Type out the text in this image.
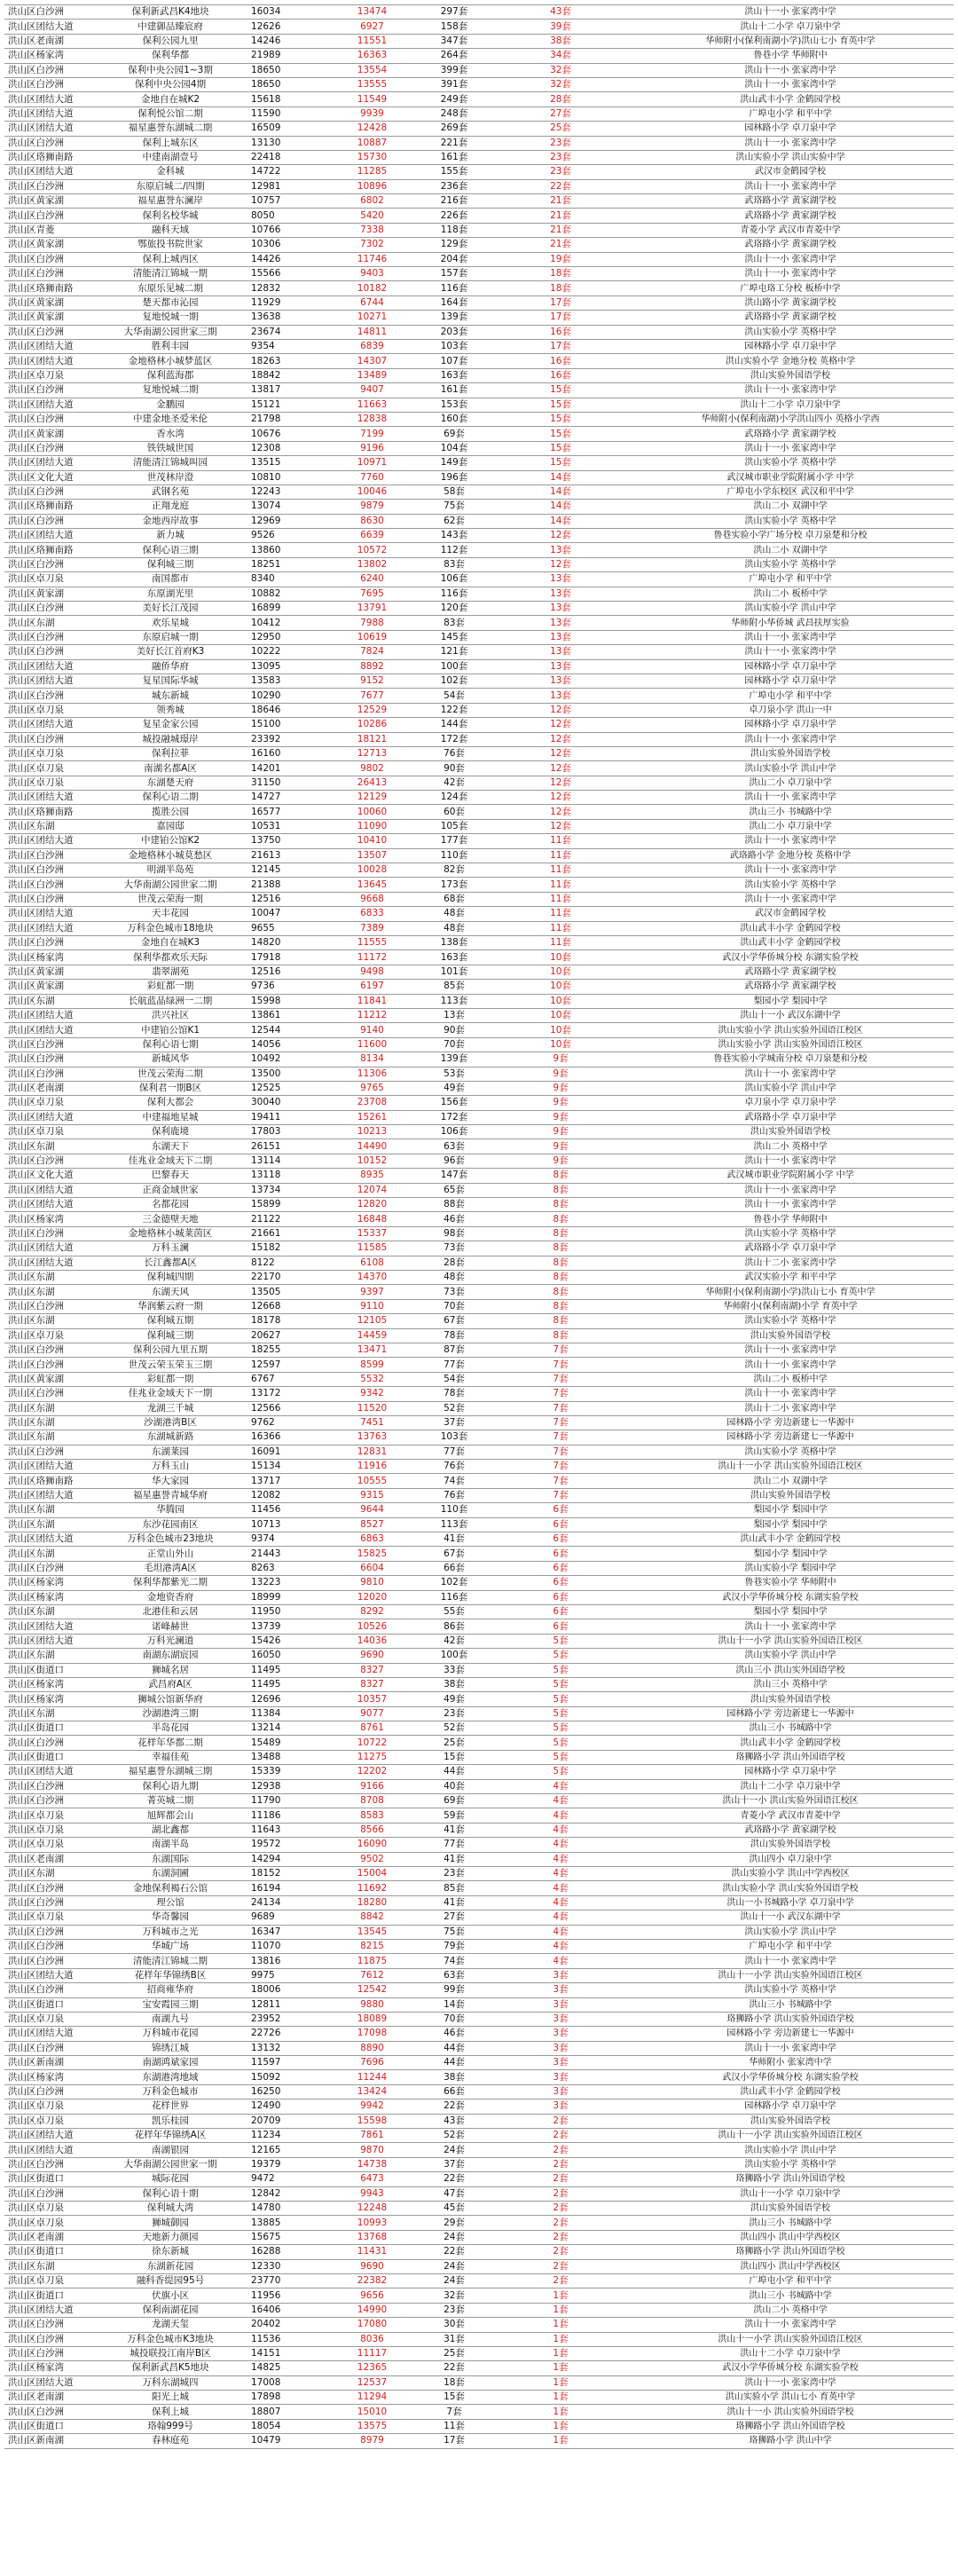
洪山区白沙洲	保利新武昌K4地块	16034	13474	297套	43套	洪山十一小 张家湾中学
洪山区团结大道	中建御品臻宸府	12626	6927	158套	39套	洪山十二小学 卓刀泉中学
洪山区老南湖	保利公园九里	14246	11551	347套	38套	华师附小(保利南湖小学)洪山七小 育英中学
洪山区杨家湾	保利华都	21989	16363	264套	34套	鲁巷小学 华师附中
洪山区白沙洲	保利中央公园1~3期	18650	13554	399套	32套	洪山十一小 张家湾中学
洪山区白沙洲	保利中央公园4期	18650	13555	391套	32套	洪山十一小 张家湾中学
洪山区团结大道	金地自在城K2	15618	11549	249套	28套	洪山武丰小学 金鹤园学校
洪山区团结大道	保利悦公馆二期	11590	9939	248套	27套	广埠屯小学 和平中学
洪山区团结大道	福星惠誉东湖城二期	16509	12428	269套	25套	园林路小学 卓刀泉中学
洪山区白沙洲	保利上城东区	13130	10887	221套	23套	洪山十一小 张家湾中学
洪山区珞狮南路	中建南湖壹号	22418	15730	161套	23套	洪山实验小学 洪山实验中学
洪山区团结大道	金科城	14722	11285	155套	23套	武汉市金鹤园学校
洪山区白沙洲	东原启城二/四期	12981	10896	236套	22套	洪山十一小 张家湾中学
洪山区黄家湖	福星惠誉东澜岸	10757	6802	216套	21套	武珞路小学 黄家湖学校
洪山区白沙洲	保利名校华城	8050	5420	226套	21套	武珞路小学 黄家湖学校
洪山区青菱	融科天域	10766	7338	118套	21套	青菱小学 武汉市青菱中学
洪山区黄家湖	鄂旅投书院世家	10306	7302	129套	21套	武珞路小学 黄家湖学校
洪山区白沙洲	保利上城西区	14426	11746	204套	19套	洪山十一小 张家湾中学
洪山区白沙洲	清能清江锦城一期	15566	9403	157套	18套	洪山十一小 张家湾中学
洪山区珞狮南路	东原乐见城二期	12832	10182	116套	18套	广埠屯珞工分校 板桥中学
洪山区黄家湖	楚天都市沁园	11929	6744	164套	17套	洪山路小学 黄家湖学校
洪山区黄家湖	复地悦城一期	13638	10271	139套	17套	武珞路小学 黄家湖学校
洪山区白沙洲	大华南湖公园世家三期	23674	14811	203套	16套	洪山实验小学 英格中学
洪山区团结大道	胜利丰园	9354	6839	103套	17套	园林路小学 卓刀泉中学
洪山区团结大道	金地格林小城梦蓝区	18263	14307	107套	16套	洪山实验小学 金地分校 英格中学
洪山区卓刀泉	保利蓝海郡	18842	13489	163套	16套	洪山实验外国语学校
洪山区白沙洲	复地悦城二期	13817	9407	161套	15套	洪山十一小 张家湾中学
洪山区团结大道	金鹏园	15121	11663	153套	15套	洪山十二小学 卓刀泉中学
洪山区白沙洲	中建金地圣爱米伦	21798	12838	160套	15套	华师附小(保利南湖)小学洪山四小 英格小学西
洪山区黄家湖	香水湾	10676	7199	69套	15套	武珞路小学 黄家湖学校
洪山区白沙洲	铁铁城世国	12308	9196	104套	15套	洪山十一小 张家湾中学
洪山区团结大道	清能清江锦城叫园	13515	10971	149套	15套	洪山实验小学 英格中学
洪山区文化大道	世茂林岸澄	10810	7760	196套	14套	武汉城市职业学院附属小学 中学
洪山区白沙洲	武钢名苑	12243	10046	58套	14套	广埠屯小学东校区 武汉和平中学
洪山区珞狮南路	正翔龙庭	13074	9879	75套	14套	洪山二小 双湖中学
洪山区白沙洲	金地西岸故事	12969	8630	62套	14套	洪山实验小学 英格中学
洪山区团结大道	新力城	9526	6639	143套	12套	鲁巷实验小学广场分校 卓刀泉楚和分校
洪山区珞狮南路	保利心语三期	13860	10572	112套	13套	洪山二小 双湖中学
洪山区白沙洲	保利城三期	18251	13802	83套	12套	洪山实验小学 英格中学
洪山区卓刀泉	南国都市	8340	6240	106套	13套	广埠屯小学 和平中学
洪山区黄家湖	东原湖光里	10882	7695	116套	13套	洪山二小 板桥中学
洪山区白沙洲	美好长江茂园	16899	13791	120套	13套	洪山实验小学 洪山中学
洪山区东湖	欢乐星城	10412	7988	83套	13套	华师附小华侨城 武昌扶厚实验
洪山区白沙洲	东原启城一期	12950	10619	145套	13套	洪山十一小 张家湾中学
洪山区白沙洲	美好长江首府K3	10222	7824	121套	13套	洪山十一小 张家湾中学
洪山区团结大道	融侨华府	13095	8892	100套	13套	园林路小学 卓刀泉中学
洪山区团结大道	复星国际华城	13583	9152	102套	13套	园林路小学 卓刀泉中学
洪山区白沙洲	城东新城	10290	7677	54套	13套	广埠屯小学 和平中学
洪山区卓刀泉	领秀城	18646	12529	122套	12套	卓刀泉小学 洪山一中
洪山区团结大道	复星金家公园	15100	10286	144套	12套	园林路小学 卓刀泉中学
洪山区白沙洲	城投融城璟岸	23392	18121	172套	12套	洪山十一小 张家湾中学
洪山区卓刀泉	保利拉菲	16160	12713	76套	12套	洪山实验外国语学校
洪山区卓刀泉	南湖名都A区	14201	9802	90套	12套	洪山实验小学 洪山中学
洪山区卓刀泉	东湖楚天府	31150	26413	42套	12套	洪山二小 卓刀泉中学
洪山区团结大道	保利心语二期	14727	12129	124套	12套	洪山十一小 张家湾中学
洪山区珞狮南路	揽胜公园	16577	10060	60套	12套	洪山三小 书城路中学
洪山区东湖	嘉园邸	10531	11090	105套	12套	洪山二小 卓刀泉中学
洪山区团结大道	中建铂公馆K2	13750	10410	177套	11套	洪山十一小 张家湾中学
洪山区白沙洲	金地格林小城莫愁区	21613	13507	110套	11套	武珞路小学 金地分校 英格中学
洪山区白沙洲	明湖半岛苑	12145	10028	82套	11套	洪山十一小 张家湾中学
洪山区白沙洲	大华南湖公园世家二期	21388	13645	173套	11套	洪山实验小学 英格中学
洪山区白沙洲	世茂云荣海一期	12516	9668	68套	11套	洪山十一小 张家湾中学
洪山区团结大道	天丰花园	10047	6833	48套	11套	武汉市金鹤园学校
洪山区团结大道	万科金色城市18地块	9655	7389	48套	11套	洪山武丰小学 金鹤园学校
洪山区白沙洲	金地自在城K3	14820	11555	138套	11套	洪山武丰小学 金鹤园学校
洪山区杨家湾	保利华都欢乐天际	17918	11172	163套	10套	武汉小学华侨城分校 东湖实验学校
洪山区黄家湖	翡翠湖苑	12516	9498	101套	10套	武珞路小学 黄家湖学校
洪山区黄家湖	彩虹都一期	9736	6197	85套	10套	武珞路小学 黄家湖学校
洪山区东湖	长航蓝晶绿洲一二期	15998	11841	113套	10套	梨园小学 梨园中学
洪山区团结大道	洪兴社区	13861	11212	13套	10套	洪山十一小 武汉东湖中学
洪山区团结大道	中建铂公馆K1	12544	9140	90套	10套	洪山实验小学 洪山实验外国语江校区
洪山区白沙洲	保利心语七期	14056	11600	70套	10套	洪山实验小学 洪山实验外国语江校区
洪山区白沙洲	新城风华	10492	8134	139套	9套	鲁巷实验小学城南分校 卓刀泉楚和分校
洪山区白沙洲	世茂云荣海二期	13500	11306	53套	9套	洪山十一小 张家湾中学
洪山区老南湖	保利君一期B区	12525	9765	49套	9套	洪山实验小学 洪山中学
洪山区卓刀泉	保利大都会	30040	23708	156套	9套	卓刀泉小学 卓刀泉中学
洪山区团结大道	中建福地星城	19411	15261	172套	9套	武珞路小学 卓刀泉中学
洪山区卓刀泉	保利鹿境	17803	10213	106套	9套	洪山实验外国语学校
洪山区东湖	东湖天下	26151	14490	63套	9套	洪山二小 英格中学
洪山区白沙洲	佳兆业金域天下二期	13114	10152	96套	9套	洪山十一小 张家湾中学
洪山区文化大道	巴黎春天	13118	8935	147套	8套	武汉城市职业学院附属小学 中学
洪山区团结大道	正商金域世家	13734	12074	65套	8套	洪山十一小 张家湾中学
洪山区团结大道	名都花园	15899	12820	88套	8套	洪山十一小 张家湾中学
洪山区杨家湾	三金德壁天地	21122	16848	46套	8套	鲁巷小学 华师附中
洪山区白沙洲	金地格林小城莱茵区	21661	15337	98套	8套	洪山实验小学 英格中学
洪山区团结大道	万科玉澜	15182	11585	73套	8套	武珞路小学 卓刀泉中学
洪山区团结大道	长江鑫都A区	8122	6108	28套	8套	洪山十二小 张家湾中学
洪山区东湖	保利城四期	22170	14370	48套	8套	武汉实验小学 和平中学
洪山区东湖	东湖天风	13505	9397	73套	8套	华师附小(保利南湖小学)洪山七小 育英中学
洪山区白沙洲	华润紫云府一期	12668	9110	70套	8套	华师附小(保利南湖)小学 育英中学
洪山区东湖	保利城五期	18178	12105	67套	8套	洪山实验小学 英格中学
洪山区卓刀泉	保利城三期	20627	14459	78套	8套	洪山实验外国语学校
洪山区白沙洲	保利公园九里五期	18255	13471	87套	7套	洪山十一小 张家湾中学
洪山区白沙洲	世茂云荣玉荣玉三期	12597	8599	77套	7套	洪山十一小 张家湾中学
洪山区黄家湖	彩虹都一期	6767	5532	54套	7套	洪山二小 板桥中学
洪山区白沙洲	佳兆业金域天下一期	13172	9342	78套	7套	洪山十一小 张家湾中学
洪山区东湖	龙湖三千城	12566	11520	52套	7套	洪山十二小 张家湾中学
洪山区东湖	沙湖港湾B区	9762	7451	37套	7套	园林路小学 旁边新建七一华源中
洪山区东湖	东湖城新路	16366	13763	103套	7套	园林路小学 旁边新建七一华源中
洪山区白沙洲	东湖莱园	16091	12831	77套	7套	洪山实验小学 英格中学
洪山区团结大道	万科玉山	15134	11916	76套	7套	洪山十一小学 洪山实验外国语江校区
洪山区珞狮南路	华大家园	13717	10555	74套	7套	洪山二小 双湖中学
洪山区团结大道	福星惠誉青城华府	12082	9315	76套	7套	洪山实验外国语学校
洪山区东湖	华腾园	11456	9644	110套	6套	梨园小学 梨园中学
洪山区东湖	东沙花园南区	10713	8527	113套	6套	梨园小学 梨园中学
洪山区团结大道	万科金色城市23地块	9374	6863	41套	6套	洪山武丰小学 金鹤园学校
洪山区东湖	正堂山外山	21443	15825	67套	6套	梨园小学 梨园中学
洪山区白沙洲	毛坦港湾A区	8263	6604	66套	6套	洪山实验小学 梨园中学
洪山区杨家湾	保利华都紫光二期	13223	9810	102套	6套	鲁巷实验小学 华师附中
洪山区杨家湾	金地资香府	18999	12020	116套	6套	武汉小学华侨城分校 东湖实验学校
洪山区东湖	北港佳和云居	11950	8292	55套	6套	梨园小学 梨园中学
洪山区团结大道	诺峰赫世	13739	10526	86套	6套	洪山十一小 张家湾中学
洪山区团结大道	万科光澜道	15426	14036	42套	5套	洪山十一小学 洪山实验外国语江校区
洪山区东湖	南湖东湖宸园	16050	9690	100套	5套	洪山实验小学 洪山中学
洪山区街道口	狮城名居	11495	8327	33套	5套	洪山三小 洪山实外国语学校
洪山区杨家湾	武昌府A区	11495	8327	38套	5套	洪山三小 英格中学
洪山区杨家湾	狮城公馆新华府	12696	10357	49套	5套	洪山实验外国语学校
洪山区东湖	沙湖港湾三期	11384	9077	23套	5套	园林路小学 旁边新建七一华源中
洪山区街道口	半岛花园	13214	8761	52套	5套	洪山三小 书城路中学
洪山区白沙洲	花样年华都二期	15489	10722	25套	5套	洪山武丰小学 金鹤园学校
洪山区街道口	幸福佳苑	13488	11275	15套	5套	珞狮路小学 洪山外国语学校
洪山区团结大道	福星惠誉东湖城三期	15339	12202	44套	5套	园林路小学 卓刀泉中学
洪山区白沙洲	保利心语九期	12938	9166	40套	4套	洪山十二小学 卓刀泉中学
洪山区白沙洲	菁英城二期	11790	8708	69套	4套	洪山十一小 洪山实验外国语江校区
洪山区卓刀泉	旭辉都会山	11186	8583	59套	4套	青菱小学 武汉市青菱中学
洪山区卓刀泉	湖北鑫都	11643	8566	41套	4套	武珞路小学 黄家湖学校
洪山区卓刀泉	南湖半岛	19572	16090	77套	4套	洪山实验外国语学校
洪山区老南湖	东湖国际	14294	9502	41套	4套	洪山四小 卓刀泉中学
洪山区东湖	东湖洞圃	18152	15004	23套	4套	洪山实验小学 洪山中学西校区
洪山区白沙洲	金地保利褐石公馆	16194	11692	85套	4套	洪山实验小学 洪山实验外国语学校
洪山区白沙洲	理公馆	24134	18280	41套	4套	洪山一小书城路小学 卓刀泉中学
洪山区卓刀泉	华奇馨园	9689	8842	27套	4套	洪山十一小 武汉东湖中学
洪山区白沙洲	万科城市之光	16347	13545	75套	4套	洪山实验小学 洪山中学
洪山区白沙洲	华城广场	11070	8215	79套	4套	广埠屯小学 和平中学
洪山区白沙洲	清能清江锦城二期	13816	11875	74套	4套	洪山十一小 张家湾中学
洪山区团结大道	花样年华锦绣B区	9975	7612	63套	3套	洪山十一小学 洪山实验外国语江校区
洪山区白沙洲	招商雍华府	18006	12542	99套	3套	洪山实验小学 英格中学
洪山区街道口	宝安霞园三期	12811	9880	14套	3套	洪山三小 书城路中学
洪山区卓刀泉	南湖九号	23952	18089	70套	3套	珞狮路小学 洪山实验外国语学校
洪山区团结大道	万科城市花园	22726	17098	46套	3套	园林路小学 旁边新建七一华源中
洪山区白沙洲	锦绣江城	13132	8890	44套	3套	洪山十一小 张家湾中学
洪山区新南湖	南湖鸿斌家园	11597	7696	44套	3套	华师附小 张家湾中学
洪山区杨家湾	东湖港湾地域	15092	11244	38套	3套	武汉小学华侨城分校 东湖实验学校
洪山区白沙洲	万科金色城市	16250	13424	66套	3套	洪山武丰小学 金鹤园学校
洪山区卓刀泉	花样世界	12490	9942	22套	3套	园林路小学 卓刀泉中学
洪山区卓刀泉	凯乐桂园	20709	15598	43套	2套	洪山实验外国语学校
洪山区团结大道	花样年华锦绣A区	11234	7861	52套	2套	洪山十一小学 洪山实验外国语江校区
洪山区团结大道	南湖银园	12165	9870	24套	2套	洪山实验小学 洪山中学
洪山区白沙洲	大华南湖公园世家一期	19379	14738	37套	2套	洪山实验小学 英格中学
洪山区街道口	城际花园	9472	6473	22套	2套	珞狮路小学 洪山外国语学校
洪山区白沙洲	保利心语十期	12842	9943	47套	2套	洪山十一小学 卓刀泉中学
洪山区卓刀泉	保利城大湾	14780	12248	45套	2套	洪山实验外国语学校
洪山区卓刀泉	狮城御园	13885	10993	29套	2套	洪山三小 书城路中学
洪山区老南湖	天地新力颜园	15675	13768	24套	2套	洪山四小 洪山中学西校区
洪山区街道口	徐东新城	16288	11431	22套	2套	珞狮路小学 洪山外国语学校
洪山区东湖	东湖新花园	12330	9690	24套	2套	洪山四小 洪山中学西校区
洪山区卓刀泉	融科香缇园95号	23770	22382	24套	2套	广埠屯小学 和平中学
洪山区街道口	伏旗小区	11956	9656	32套	1套	洪山三小 书城路中学
洪山区团结大道	保利南湖花园	16406	14990	23套	1套	洪山二小 英格中学
洪山区白沙洲	龙湖天玺	20402	17080	30套	1套	洪山十一小 张家湾中学
洪山区白沙洲	万科金色城市K3地块	11536	8036	31套	1套	洪山十一小学 洪山实验外国语江校区
洪山区白沙洲	城投联投江南岸B区	14151	11117	25套	1套	洪山十二小学 卓刀泉中学
洪山区杨家湾	保利新武昌K5地块	14825	12365	22套	1套	武汉小学华侨城分校 东湖实验学校
洪山区团结大道	万科东湖城四	17008	12537	18套	1套	洪山十一小 张家湾中学
洪山区老南湖	阳光上城	17898	11294	15套	1套	洪山实验小学 洪山七小 育英中学
洪山区白沙洲	保利上城	18807	15010	7套	1套	洪山十一小 洪山实验外国语学校
洪山区街道口	珞翰999号	18054	13575	11套	1套	珞狮路小学 洪山外国语学校
洪山区新南湖	春林庭苑	10479	8979	17套	1套	珞狮路小学 洪山中学
